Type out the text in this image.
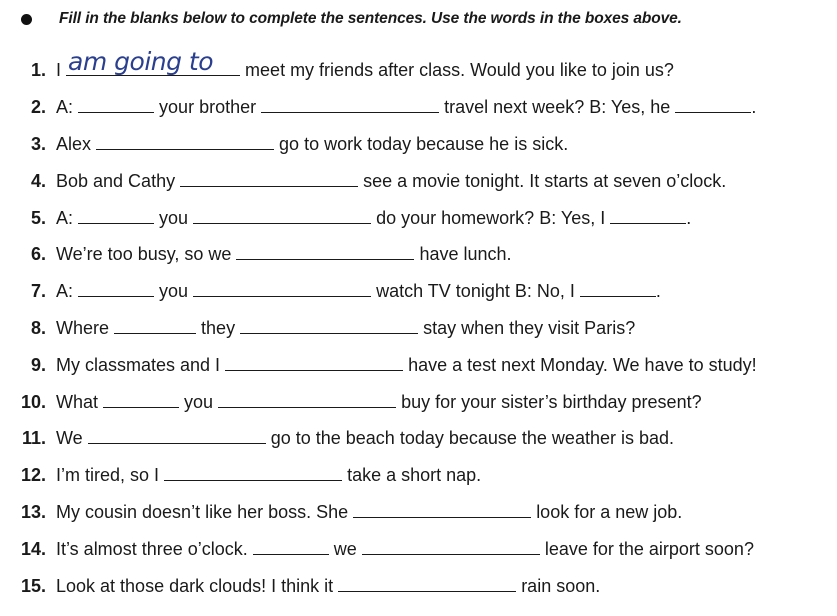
Fill in the blanks below to complete the sentences. Use the words in the boxes above.
1. I am going to meet my friends after class. Would you like to join us?
2. A:	your brother	travel next week? B: Yes, he	.
3. Alex	go to work today because he is sick.
4. Bob and Cathy	see a movie tonight. It starts at seven o’clock.
5. A:	you	do your homework? B: Yes, I	.
6. We’re too busy, so we	have lunch.
7. A:	you	watch TV tonight B: No, I	.
8. Where	they	stay when they visit Paris?
9. My classmates and I	have a test next Monday. We have to study!
10. What	you	buy for your sister’s birthday present?
11. We	go to the beach today because the weather is bad.
12. I’m tired, so I	take a short nap.
13. My cousin doesn’t like her boss. She	look for a new job.
14. It’s almost three o’clock.	we	leave for the airport soon?
15. Look at those dark clouds! I think it	rain soon.
